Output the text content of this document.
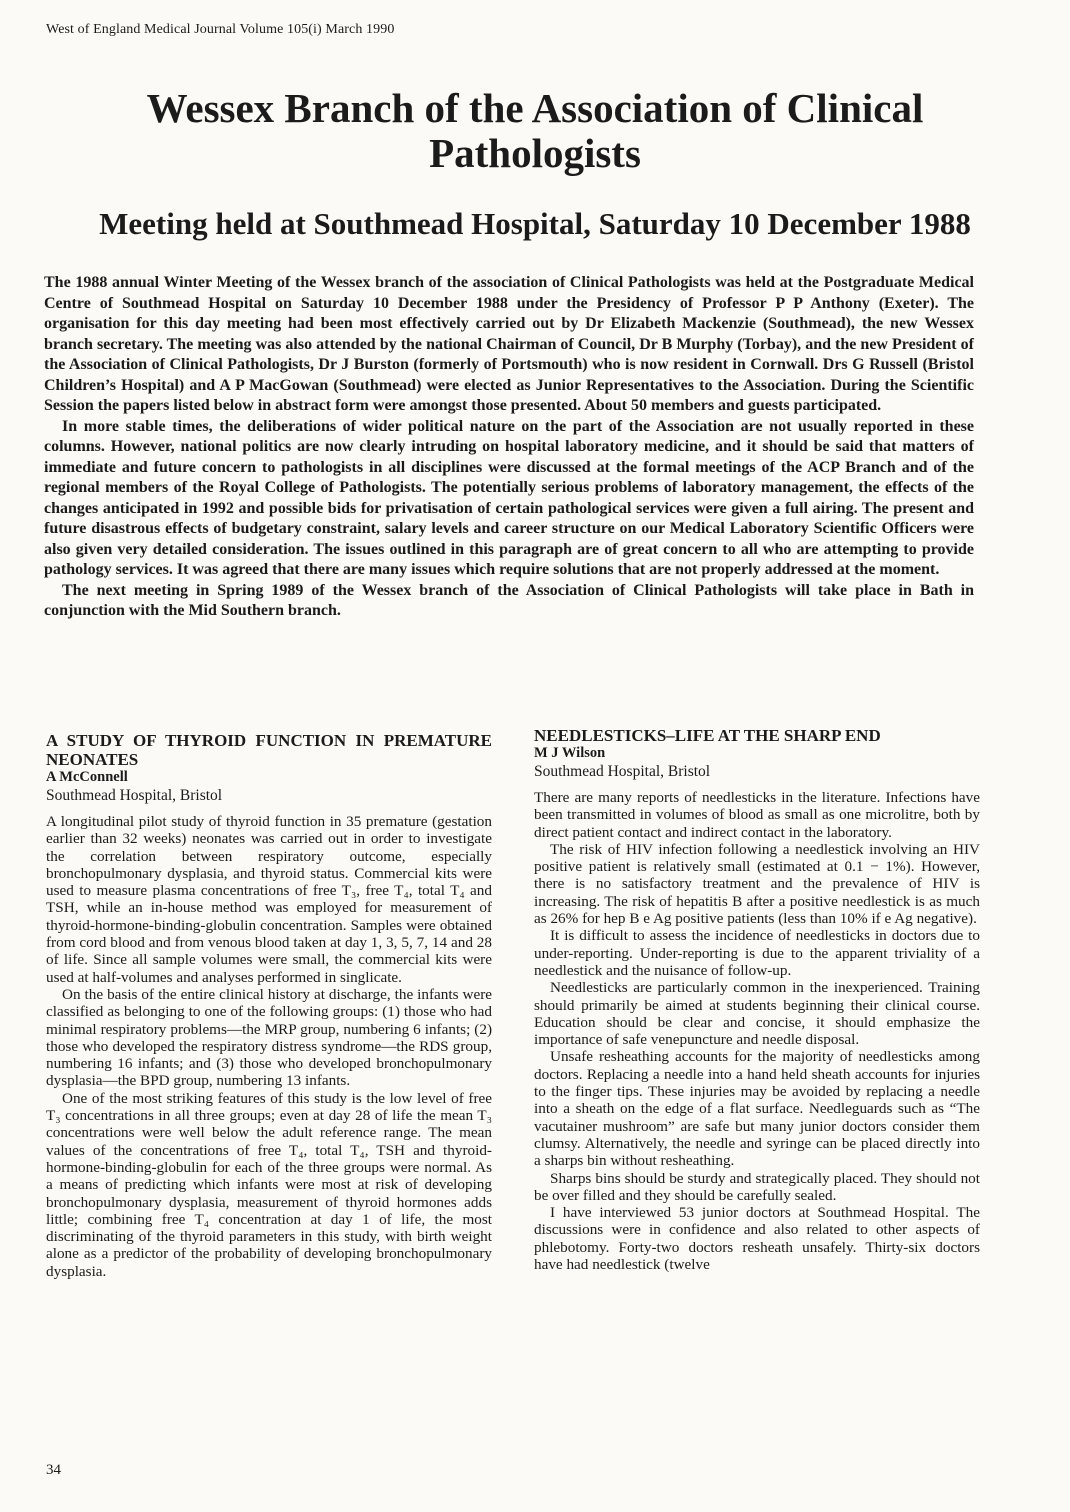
West of England Medical Journal Volume 105(i) March 1990
Wessex Branch of the Association of Clinical Pathologists
Meeting held at Southmead Hospital, Saturday 10 December 1988

The 1988 annual Winter Meeting of the Wessex branch of the association of Clinical Pathologists was held at the Postgraduate Medical Centre of Southmead Hospital on Saturday 10 December 1988 under the Presidency of Professor P P Anthony (Exeter). The organisation for this day meeting had been most effectively carried out by Dr Elizabeth Mackenzie (Southmead), the new Wessex branch secretary. The meeting was also attended by the national Chairman of Council, Dr B Murphy (Torbay), and the new President of the Association of Clinical Pathologists, Dr J Burston (formerly of Portsmouth) who is now resident in Cornwall. Drs G Russell (Bristol Children’s Hospital) and A P MacGowan (Southmead) were elected as Junior Representatives to the Association. During the Scientific Session the papers listed below in abstract form were amongst those presented. About 50 members and guests participated.

In more stable times, the deliberations of wider political nature on the part of the Association are not usually reported in these columns. However, national politics are now clearly intruding on hospital laboratory medicine, and it should be said that matters of immediate and future concern to pathologists in all disciplines were discussed at the formal meetings of the ACP Branch and of the regional members of the Royal College of Pathologists. The potentially serious problems of laboratory management, the effects of the changes anticipated in 1992 and possible bids for privatisation of certain pathological services were given a full airing. The present and future disastrous effects of budgetary constraint, salary levels and career structure on our Medical Laboratory Scientific Officers were also given very detailed consideration. The issues outlined in this paragraph are of great concern to all who are attempting to provide pathology services. It was agreed that there are many issues which require solutions that are not properly addressed at the moment.

The next meeting in Spring 1989 of the Wessex branch of the Association of Clinical Pathologists will take place in Bath in conjunction with the Mid Southern branch.

A STUDY OF THYROID FUNCTION IN PREMATURE NEONATES
A McConnell
Southmead Hospital, Bristol

A longitudinal pilot study of thyroid function in 35 premature (gestation earlier than 32 weeks) neonates was carried out in order to investigate the correlation between respiratory outcome, especially bronchopulmonary dysplasia, and thyroid status. Commercial kits were used to measure plasma concentrations of free T₃, free T₄, total T₄ and TSH, while an in-house method was employed for measurement of thyroid-hormone-binding-globulin concentration. Samples were obtained from cord blood and from venous blood taken at day 1, 3, 5, 7, 14 and 28 of life. Since all sample volumes were small, the commercial kits were used at half-volumes and analyses performed in singlicate.

On the basis of the entire clinical history at discharge, the infants were classified as belonging to one of the following groups: (1) those who had minimal respiratory problems—the MRP group, numbering 6 infants; (2) those who developed the respiratory distress syndrome—the RDS group, numbering 16 infants; and (3) those who developed bronchopulmonary dysplasia—the BPD group, numbering 13 infants.

One of the most striking features of this study is the low level of free T₃ concentrations in all three groups; even at day 28 of life the mean T₃ concentrations were well below the adult reference range. The mean values of the concentrations of free T₄, total T₄, TSH and thyroid-hormone-binding-globulin for each of the three groups were normal. As a means of predicting which infants were most at risk of developing bronchopulmonary dysplasia, measurement of thyroid hormones adds little; combining free T₄ concentration at day 1 of life, the most discriminating of the thyroid parameters in this study, with birth weight alone as a predictor of the probability of developing bronchopulmonary dysplasia.

NEEDLESTICKS–LIFE AT THE SHARP END
M J Wilson
Southmead Hospital, Bristol

There are many reports of needlesticks in the literature. Infections have been transmitted in volumes of blood as small as one microlitre, both by direct patient contact and indirect contact in the laboratory.

The risk of HIV infection following a needlestick involving an HIV positive patient is relatively small (estimated at 0.1 − 1%). However, there is no satisfactory treatment and the prevalence of HIV is increasing. The risk of hepatitis B after a positive needlestick is as much as 26% for hep B e Ag positive patients (less than 10% if e Ag negative).

It is difficult to assess the incidence of needlesticks in doctors due to under-reporting. Under-reporting is due to the apparent triviality of a needlestick and the nuisance of follow-up.

Needlesticks are particularly common in the inexperienced. Training should primarily be aimed at students beginning their clinical course. Education should be clear and concise, it should emphasize the importance of safe venepuncture and needle disposal.

Unsafe resheathing accounts for the majority of needlesticks among doctors. Replacing a needle into a hand held sheath accounts for injuries to the finger tips. These injuries may be avoided by replacing a needle into a sheath on the edge of a flat surface. Needleguards such as “The vacutainer mushroom” are safe but many junior doctors consider them clumsy. Alternatively, the needle and syringe can be placed directly into a sharps bin without resheathing.

Sharps bins should be sturdy and strategically placed. They should not be over filled and they should be carefully sealed.

I have interviewed 53 junior doctors at Southmead Hospital. The discussions were in confidence and also related to other aspects of phlebotomy. Forty-two doctors resheath unsafely. Thirty-six doctors have had needlestick (twelve

34
